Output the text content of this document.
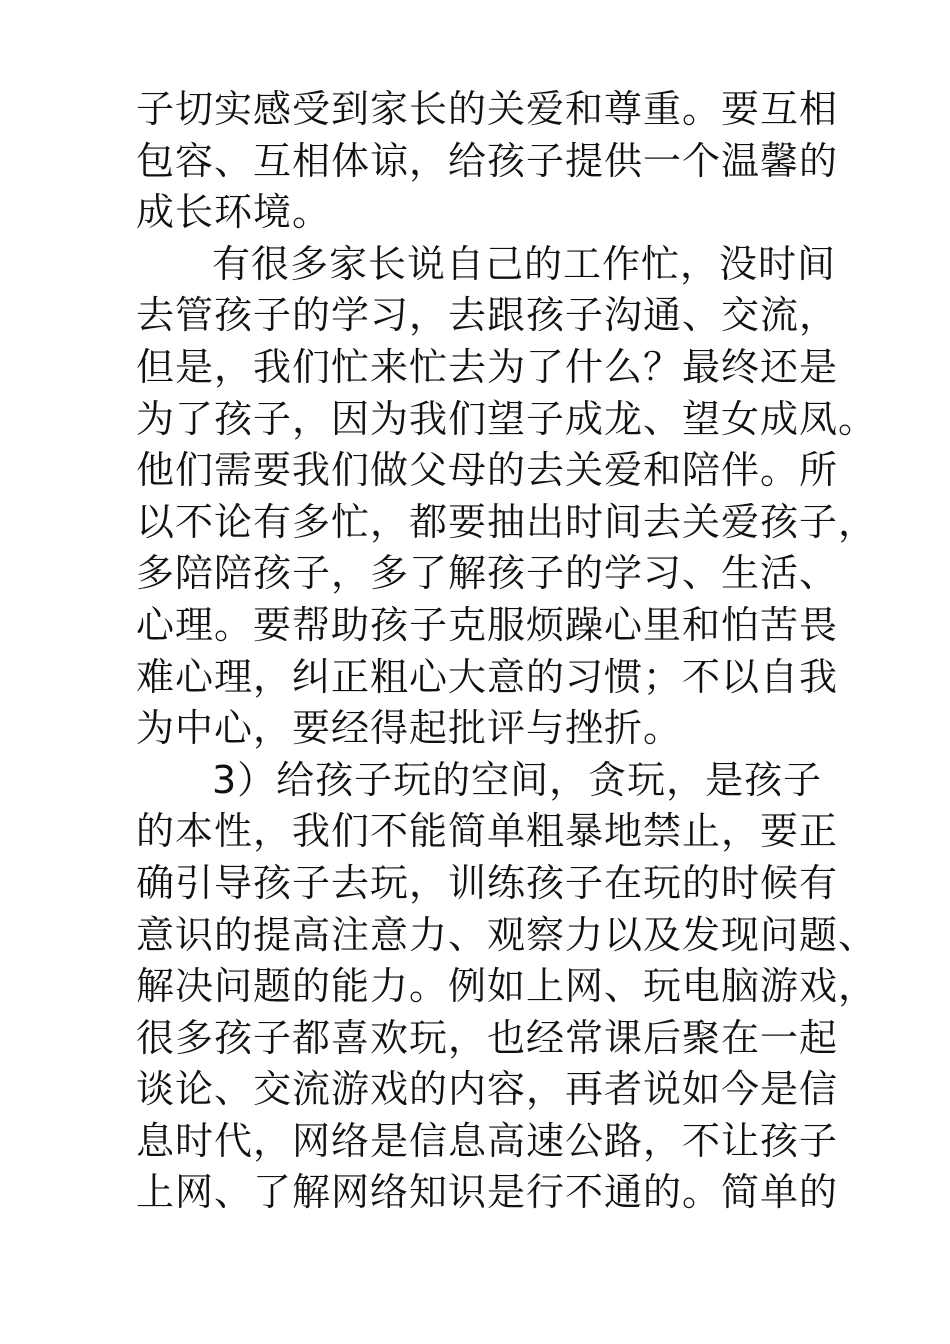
子切实感受到家长的关爱和尊重。要互相
包容、互相体谅，给孩子提供一个温馨的
成长环境。
有很多家长说自己的工作忙，没时间
去管孩子的学习，去跟孩子沟通、交流，
但是，我们忙来忙去为了什么？最终还是
为了孩子，因为我们望子成龙、望女成凤。
他们需要我们做父母的去关爱和陪伴。所
以不论有多忙，都要抽出时间去关爱孩子，
多陪陪孩子，多了解孩子的学习、生活、
心理。要帮助孩子克服烦躁心里和怕苦畏
难心理，纠正粗心大意的习惯；不以自我
为中心，要经得起批评与挫折。
3）给孩子玩的空间，贪玩，是孩子
的本性，我们不能简单粗暴地禁止，要正
确引导孩子去玩，训练孩子在玩的时候有
意识的提高注意力、观察力以及发现问题、
解决问题的能力。例如上网、玩电脑游戏，
很多孩子都喜欢玩，也经常课后聚在一起
谈论、交流游戏的内容，再者说如今是信
息时代，网络是信息高速公路，不让孩子
上网、了解网络知识是行不通的。简单的
